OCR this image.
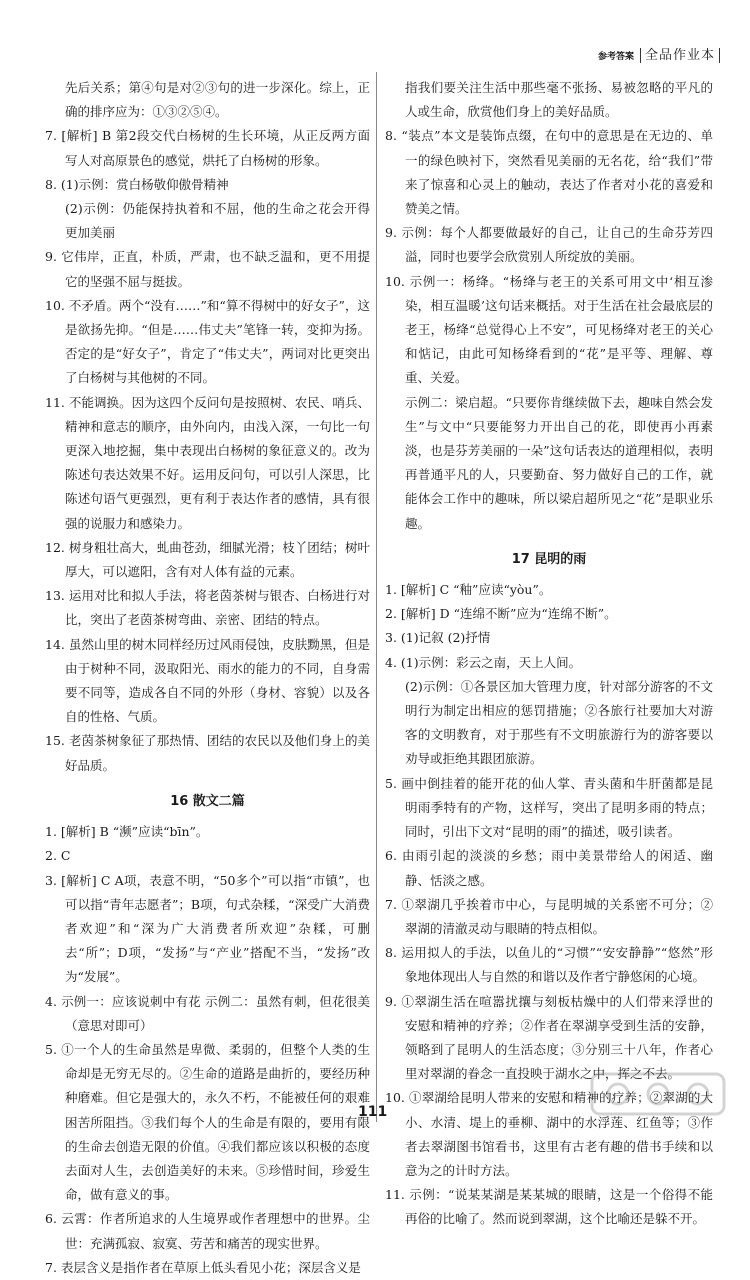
参考答案 全品作业本

先后关系；第④句是对②③句的进一步深化。综上，正确的排序应为：①③②⑤④。

7. [解析] B 第2段交代白杨树的生长环境，从正反两方面写人对高原景色的感觉，烘托了白杨树的形象。

8. (1)示例：赏白杨敬仰傲骨精神

(2)示例：仍能保持执着和不屈，他的生命之花会开得更加美丽

9. 它伟岸，正直，朴质，严肃，也不缺乏温和，更不用提它的坚强不屈与挺拔。

10. 不矛盾。两个“没有……”和“算不得树中的好女子”，这是欲扬先抑。“但是……伟丈夫”笔锋一转，变抑为扬。否定的是“好女子”，肯定了“伟丈夫”，两词对比更突出了白杨树与其他树的不同。

11. 不能调换。因为这四个反问句是按照树、农民、哨兵、精神和意志的顺序，由外向内，由浅入深，一句比一句更深入地挖掘，集中表现出白杨树的象征意义的。改为陈述句表达效果不好。运用反问句，可以引人深思，比陈述句语气更强烈，更有利于表达作者的感情，具有很强的说服力和感染力。

12. 树身粗壮高大，虬曲苍劲，细腻光滑；枝丫团结；树叶厚大，可以遮阳，含有对人体有益的元素。

13. 运用对比和拟人手法，将老茵茶树与银杏、白杨进行对比，突出了老茵茶树弯曲、亲密、团结的特点。

14. 虽然山里的树木同样经历过风雨侵蚀，皮肤黝黑，但是由于树种不同，汲取阳光、雨水的能力的不同，自身需要不同等，造成各自不同的外形（身材、容貌）以及各自的性格、气质。

15. 老茵茶树象征了那热情、团结的农民以及他们身上的美好品质。

16 散文二篇

1. [解析] B “濒”应读“bīn”。

2. C

3. [解析] C A项，表意不明，“50多个”可以指“市镇”，也可以指“青年志愿者”；B项，句式杂糅，“深受广大消费者欢迎”和“深为广大消费者所欢迎”杂糅，可删去“所”；D项，“发扬”与“产业”搭配不当，“发扬”改为“发展”。

4. 示例一：应该说刺中有花 示例二：虽然有刺，但花很美（意思对即可）

5. ①一个人的生命虽然是卑微、柔弱的，但整个人类的生命却是无穷无尽的。②生命的道路是曲折的，要经历种种磨难。但它是强大的，永久不朽，不能被任何的艰难困苦所阻挡。③我们每个人的生命是有限的，要用有限的生命去创造无限的价值。④我们都应该以积极的态度去面对人生，去创造美好的未来。⑤珍惜时间，珍爱生命，做有意义的事。

6. 云霄：作者所追求的人生境界或作者理想中的世界。尘世：充满孤寂、寂寞、劳苦和痛苦的现实世界。

7. 表层含义是指作者在草原上低头看见小花；深层含义是

指我们要关注生活中那些毫不张扬、易被忽略的平凡的人或生命，欣赏他们身上的美好品质。

8. “装点”本文是装饰点缀，在句中的意思是在无边的、单一的绿色映衬下，突然看见美丽的无名花，给“我们”带来了惊喜和心灵上的触动，表达了作者对小花的喜爱和赞美之情。

9. 示例：每个人都要做最好的自己，让自己的生命芬芳四溢，同时也要学会欣赏别人所绽放的美丽。

10. 示例一：杨绛。“杨绛与老王的关系可用文中‘相互渗染，相互温暖’这句话来概括。对于生活在社会最底层的老王，杨绛“总觉得心上不安”，可见杨绛对老王的关心和惦记，由此可知杨绛看到的“花”是平等、理解、尊重、关爱。

示例二：梁启超。“只要你肯继续做下去，趣味自然会发生”与文中“只要能努力开出自己的花，即使再小再素淡，也是芬芳美丽的一朵”这句话表达的道理相似，表明再普通平凡的人，只要勤奋、努力做好自己的工作，就能体会工作中的趣味，所以梁启超所见之“花”是职业乐趣。

17 昆明的雨

1. [解析] C “釉”应读“yòu”。

2. [解析] D “连绵不断”应为“连绵不断”。

3. (1)记叙 (2)抒情

4. (1)示例：彩云之南，天上人间。

(2)示例：①各景区加大管理力度，针对部分游客的不文明行为制定出相应的惩罚措施；②各旅行社要加大对游客的文明教育，对于那些有不文明旅游行为的游客要以劝导或拒绝其跟团旅游。

5. 画中倒挂着的能开花的仙人掌、青头菌和牛肝菌都是昆明雨季特有的产物，这样写，突出了昆明多雨的特点；同时，引出下文对“昆明的雨”的描述，吸引读者。

6. 由雨引起的淡淡的乡愁；雨中美景带给人的闲适、幽静、恬淡之感。

7. ①翠湖几乎挨着市中心，与昆明城的关系密不可分；②翠湖的清澈灵动与眼睛的特点相似。

8. 运用拟人的手法，以鱼儿的“习惯”“安安静静”“悠然”形象地体现出人与自然的和谐以及作者宁静悠闲的心境。

9. ①翠湖生活在喧嚣扰攘与刻板枯燥中的人们带来浮世的安慰和精神的疗养；②作者在翠湖享受到生活的安静，领略到了昆明人的生活态度；③分别三十八年，作者心里对翠湖的眷念一直投映于湖水之中，挥之不去。

10. ①翠湖给昆明人带来的安慰和精神的疗养；②翠湖的大小、水清、堤上的垂柳、湖中的水浮莲、红鱼等；③作者去翠湖图书馆看书，这里有古老有趣的借书手续和以意为之的计时方法。

11. 示例：“说某某湖是某某城的眼睛，这是一个俗得不能再俗的比喻了。然而说到翠湖，这个比喻还是躲不开。

111
